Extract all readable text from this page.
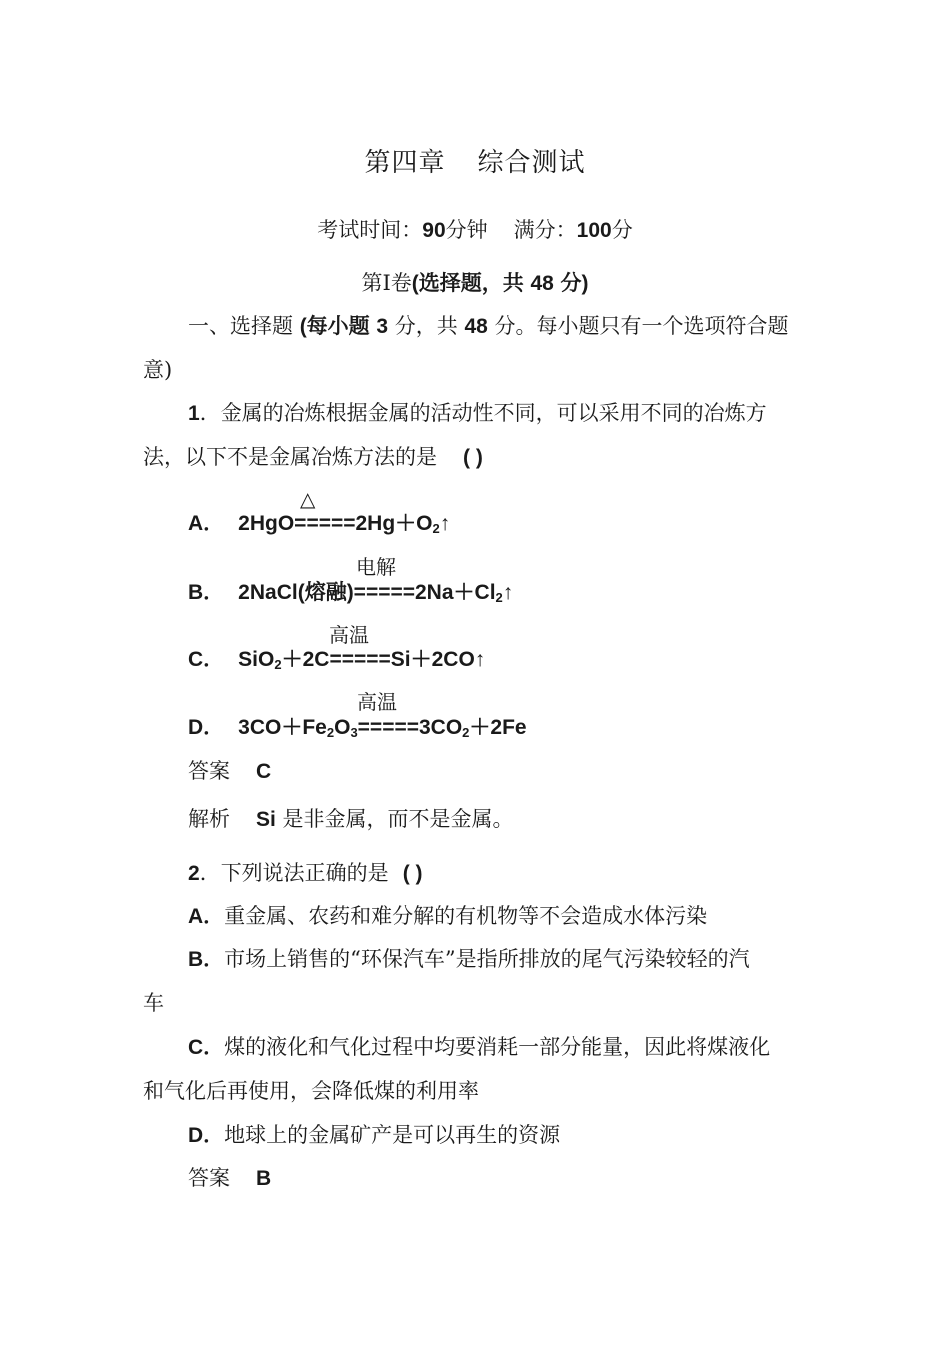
第四章 综合测试
考试时间：90分钟 满分：100分
第Ⅰ卷(选择题，共 48 分)
一、选择题 (每小题 3 分，共 48 分。每小题只有一个选项符合题
意)
1．金属的冶炼根据金属的活动性不同，可以采用不同的冶炼方
法，以下不是金属冶炼方法的是 ( )
△
A． $2HgO=====2Hg+O_2↑$
电解
B． 2NaCl(熔融)$=====2Na+Cl_2↑$
高温
C． SiO$_2$＋2C=====Si＋2CO↑
高温
D． $3CO+Fe_2O_3=====3CO_2+2Fe$
答案 C
解析 Si 是非金属，而不是金属。
2．下列说法正确的是 ( )
A．重金属、农药和难分解的有机物等不会造成水体污染
B．市场上销售的“环保汽车”是指所排放的尾气污染较轻的汽
车
C．煤的液化和气化过程中均要消耗一部分能量，因此将煤液化
和气化后再使用，会降低煤的利用率
D．地球上的金属矿产是可以再生的资源
答案 B
